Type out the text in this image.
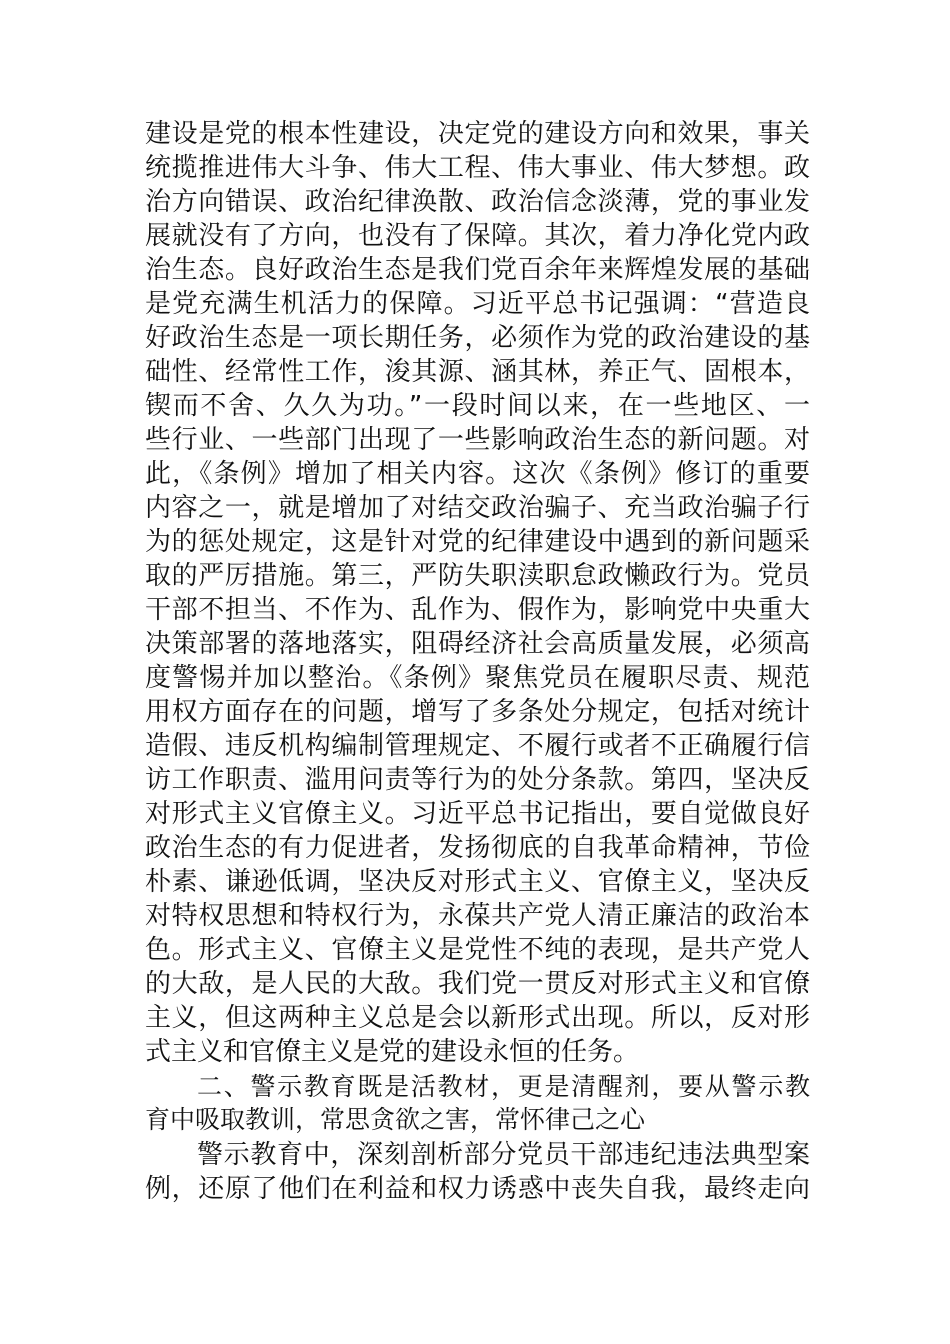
建设是党的根本性建设，决定党的建设方向和效果，事关
统揽推进伟大斗争、伟大工程、伟大事业、伟大梦想。政
治方向错误、政治纪律涣散、政治信念淡薄，党的事业发
展就没有了方向，也没有了保障。其次，着力净化党内政
治生态。良好政治生态是我们党百余年来辉煌发展的基础
是党充满生机活力的保障。习近平总书记强调：“营造良
好政治生态是一项长期任务，必须作为党的政治建设的基
础性、经常性工作，浚其源、涵其林，养正气、固根本，
锲而不舍、久久为功。”一段时间以来，在一些地区、一
些行业、一些部门出现了一些影响政治生态的新问题。对
此，《条例》增加了相关内容。这次《条例》修订的重要
内容之一，就是增加了对结交政治骗子、充当政治骗子行
为的惩处规定，这是针对党的纪律建设中遇到的新问题采
取的严厉措施。第三，严防失职渎职怠政懒政行为。党员
干部不担当、不作为、乱作为、假作为，影响党中央重大
决策部署的落地落实，阻碍经济社会高质量发展，必须高
度警惕并加以整治。《条例》聚焦党员在履职尽责、规范
用权方面存在的问题，增写了多条处分规定，包括对统计
造假、违反机构编制管理规定、不履行或者不正确履行信
访工作职责、滥用问责等行为的处分条款。第四，坚决反
对形式主义官僚主义。习近平总书记指出，要自觉做良好
政治生态的有力促进者，发扬彻底的自我革命精神，节俭
朴素、谦逊低调，坚决反对形式主义、官僚主义，坚决反
对特权思想和特权行为，永葆共产党人清正廉洁的政治本
色。形式主义、官僚主义是党性不纯的表现，是共产党人
的大敌，是人民的大敌。我们党一贯反对形式主义和官僚
主义，但这两种主义总是会以新形式出现。所以，反对形
式主义和官僚主义是党的建设永恒的任务。
二、警示教育既是活教材，更是清醒剂，要从警示教
育中吸取教训，常思贪欲之害，常怀律己之心
警示教育中，深刻剖析部分党员干部违纪违法典型案
例，还原了他们在利益和权力诱惑中丧失自我，最终走向
